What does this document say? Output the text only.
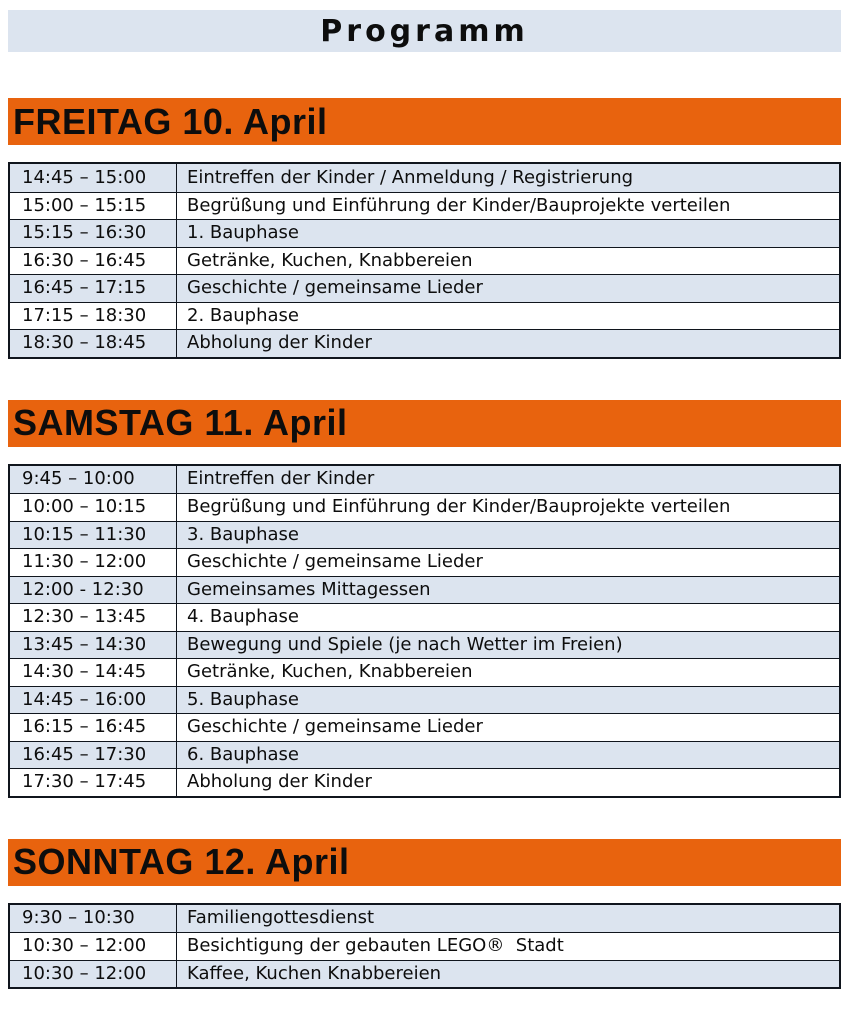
Programm
FREITAG 10. April
14:45 – 15:00	Eintreffen der Kinder / Anmeldung / Registrierung
15:00 – 15:15	Begrüßung und Einführung der Kinder/Bauprojekte verteilen
15:15 – 16:30	1. Bauphase
16:30 – 16:45	Getränke, Kuchen, Knabbereien
16:45 – 17:15	Geschichte / gemeinsame Lieder
17:15 – 18:30	2. Bauphase
18:30 – 18:45	Abholung der Kinder
SAMSTAG 11. April
9:45 – 10:00	Eintreffen der Kinder
10:00 – 10:15	Begrüßung und Einführung der Kinder/Bauprojekte verteilen
10:15 – 11:30	3. Bauphase
11:30 – 12:00	Geschichte / gemeinsame Lieder
12:00 - 12:30	Gemeinsames Mittagessen
12:30 – 13:45	4. Bauphase
13:45 – 14:30	Bewegung und Spiele (je nach Wetter im Freien)
14:30 – 14:45	Getränke, Kuchen, Knabbereien
14:45 – 16:00	5. Bauphase
16:15 – 16:45	Geschichte / gemeinsame Lieder
16:45 – 17:30	6. Bauphase
17:30 – 17:45	Abholung der Kinder
SONNTAG 12. April
9:30 – 10:30	Familiengottesdienst
10:30 – 12:00	Besichtigung der gebauten LEGO®  Stadt
10:30 – 12:00	Kaffee, Kuchen Knabbereien
